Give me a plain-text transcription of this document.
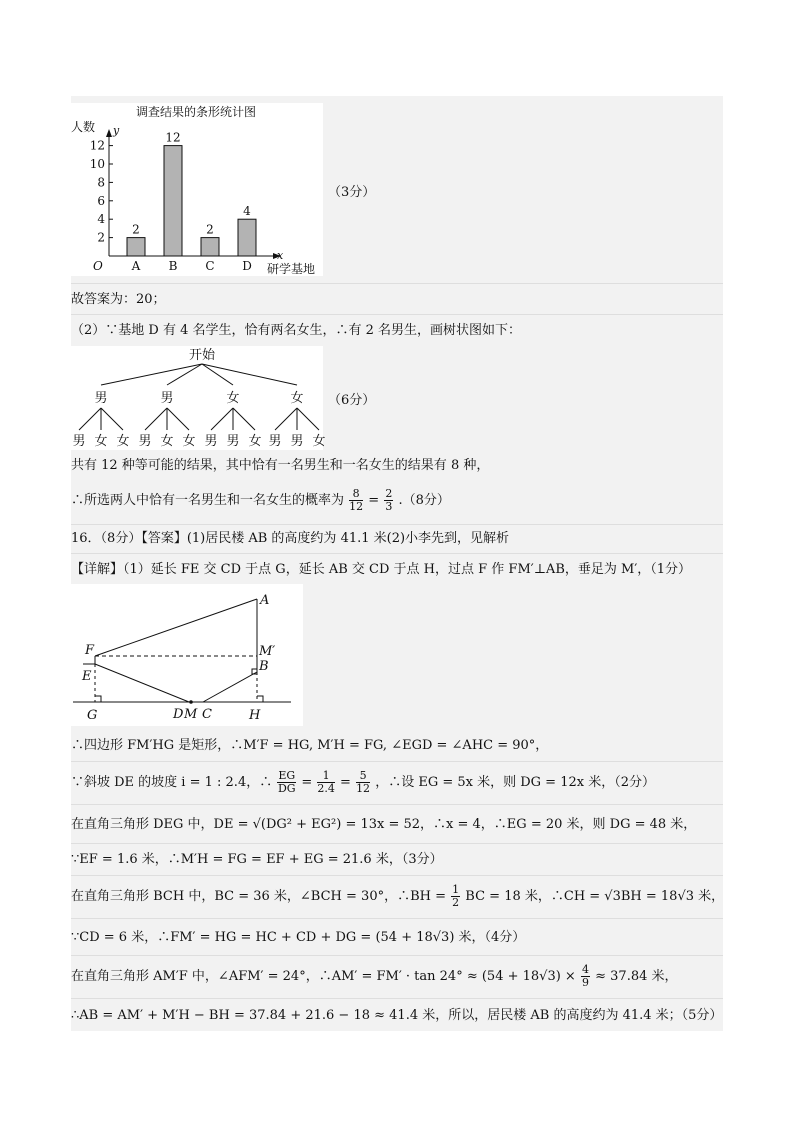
调查结果的条形统计图
人数 y
x
研学基地
O
2
4
6
8
10
12
2
A
12
B
2
C
4
D
（3分）
故答案为：20；
（2）∵基地 D 有 4 名学生，恰有两名女生，∴有 2 名男生，画树状图如下：
开始
男	男	女	女
男 女 女 男 女 女 男 男 女 男 男 女
（6分）
共有 12 种等可能的结果，其中恰有一名男生和一名女生的结果有 8 种，
∴所选两人中恰有一名男生和一名女生的概率为 $\frac{8}{12} = \frac{2}{3} .(8$分）
16．（8分）【答案】(1)居民楼 AB 的高度约为 41.1 米(2)小李先到，见解析
【详解】（1）延长 FE 交 CD 于点 G，延长 AB 交 CD 于点 H，过点 F 作 FM′⊥AB，垂足为 M′，（1分）
A
F	M′
B
E
G	D M C	H
∴四边形 FM′HG 是矩形，∴M′F = HG, M′H = FG, ∠EGD = ∠AHC = 90°，
∵斜坡 DE 的坡度 i = 1 : 2.4，∴ $\frac{EG}{DG} = \frac{1}{2.4} = \frac{5}{12}$ ，∴设 EG = 5x 米，则 DG = 12x 米，（2分）
在直角三角形 DEG 中，DE = √(DG² + EG²) = 13x = 52，∴x = 4，∴EG = 20 米，则 DG = 48 米，
∵EF = 1.6 米，∴M′H = FG = EF + EG = 21.6 米，（3分）
在直角三角形 BCH 中，BC = 36 米，∠BCH = 30°，∴BH = $\frac{1}{2}$ BC = 18 米，∴CH = √3BH = 18√3 米，
∵CD = 6 米，∴FM′ = HG = HC + CD + DG = (54 + 18√3) 米，（4分）
在直角三角形 AM′F 中，∠AFM′ = 24°，∴AM′ = $FM' \cdot \tan 24^\circ \approx (54 + 18√3) \times \frac{4}{9} \approx 37.84$ 米，
∴AB = AM′ + M′H − BH = 37.84 + 21.6 − 18 ≈ 41.4 米，所以，居民楼 AB 的高度约为 41.4 米；（5分）
